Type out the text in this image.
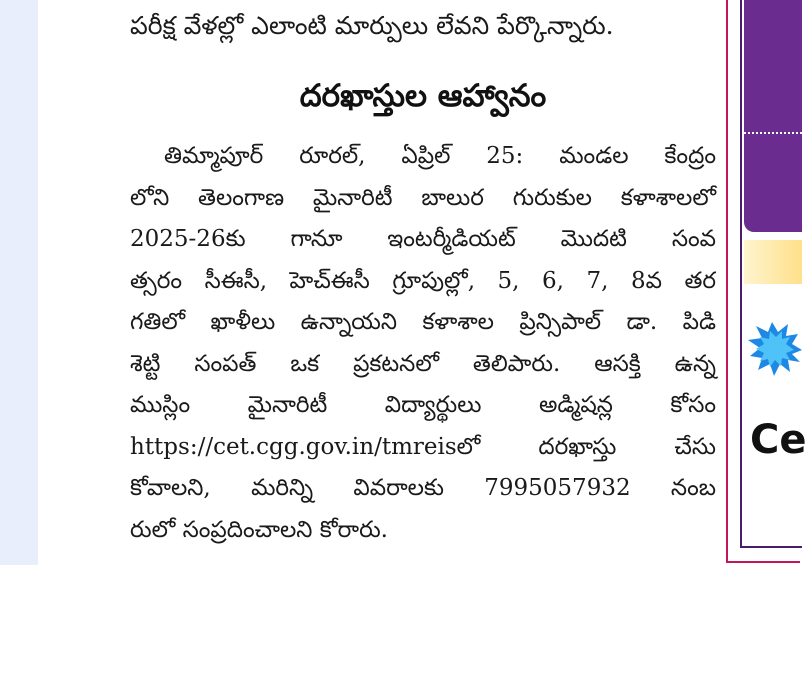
పరీక్ష వేళల్లో ఎలాంటి మార్పులు లేవని పేర్కొన్నారు.
దరఖాస్తుల ఆహ్వానం
తిమ్మాపూర్ రూరల్, ఏప్రిల్ 25: మండల కేంద్రం
లోని తెలంగాణ మైనారిటీ బాలుర గురుకుల కళాశాలలో
2025-26కు గానూ ఇంటర్మీడియట్ మొదటి సంవ
త్సరం సీఈసీ, హెచ్ఈసీ గ్రూపుల్లో, 5, 6, 7, 8వ తర
గతిలో ఖాళీలు ఉన్నాయని కళాశాల ప్రిన్సిపాల్ డా. పిడి
శెట్టి సంపత్ ఒక ప్రకటనలో తెలిపారు. ఆసక్తి ఉన్న
ముస్లిం మైనారిటీ విద్యార్థులు అడ్మిషన్ల కోసం
https://cet.cgg.gov.in/tmreisలో దరఖాస్తు చేసు
కోవాలని, మరిన్ని వివరాలకు 7995057932 నంబ
రులో సంప్రదించాలని కోరారు.
Ce
